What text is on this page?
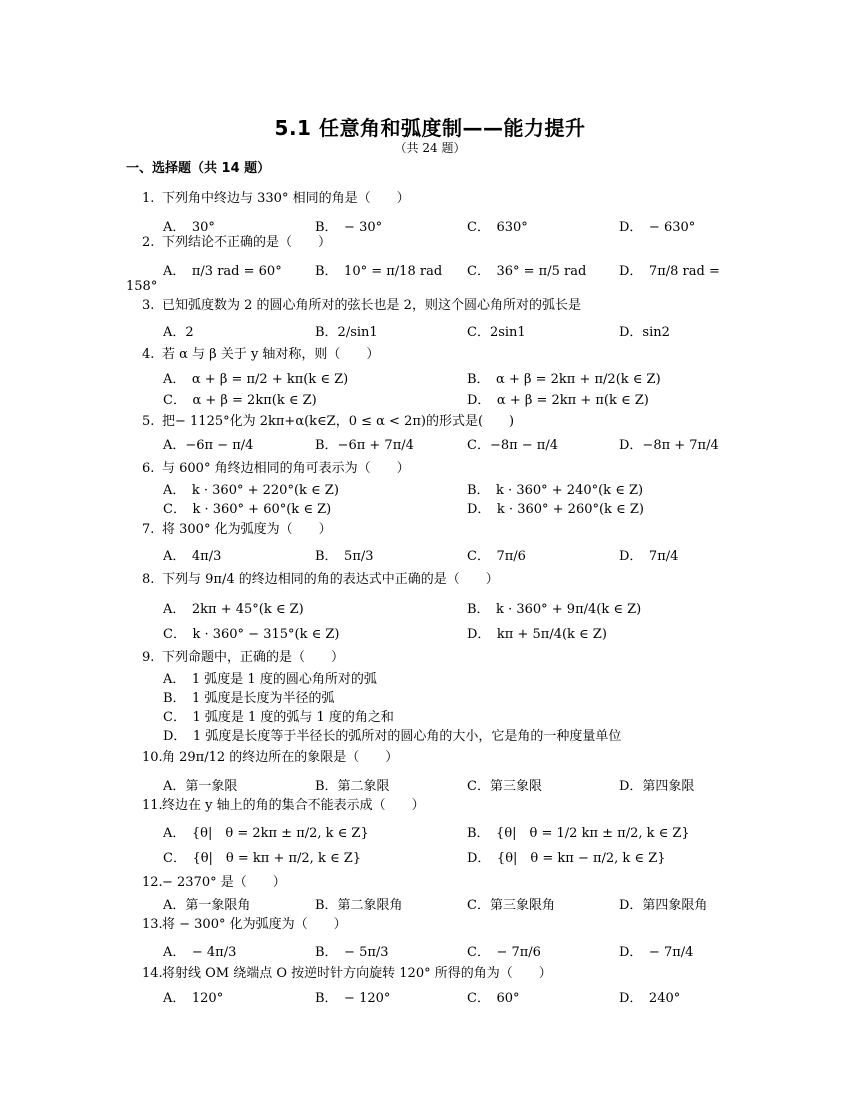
5.1 任意角和弧度制——能力提升
（共 24 题）
一、选择题（共 14 题）
1. 下列角中终边与 330° 相同的角是（　　）
A．　30°	B．　− 30°	C．　630°	D．　− 630°
2. 下列结论不正确的是（　　）
A．　π/3 rad = 60°	B．　10° = π/18 rad C．　36° = π/5 rad	D．　7π/8 rad =
158°
3. 已知弧度数为 2 的圆心角所对的弦长也是 2，则这个圆心角所对的弧长是
A．2	B．2/sin1	C．2sin1	D．sin2
4. 若 α 与 β 关于 y 轴对称，则（　　）
A．　α + β = π/2 + kπ(k ∈ Z)	B．　α + β = 2kπ + π/2(k ∈ Z)
C．　α + β = 2kπ(k ∈ Z)	D．　α + β = 2kπ + π(k ∈ Z)
5. 把− 1125°化为 2kπ+α(k∈Z，0 ≤ α < 2π)的形式是(　　)
A．−6π − π/4	B．−6π + 7π/4	C．−8π − π/4	D．−8π + 7π/4
6. 与 600° 角终边相同的角可表示为（　　）
A．　k · 360° + 220°(k ∈ Z)	B．　k · 360° + 240°(k ∈ Z)
C．　k · 360° + 60°(k ∈ Z)	D．　k · 360° + 260°(k ∈ Z)
7. 将 300° 化为弧度为（　　）
A．　4π/3	B．　5π/3	C．　7π/6	D．　7π/4
8. 下列与 9π/4 的终边相同的角的表达式中正确的是（　　）
A．　2kπ + 45°(k ∈ Z)	B．　k · 360° + 9π/4(k ∈ Z)
C．　k · 360° − 315°(k ∈ Z)	D．　kπ + 5π/4(k ∈ Z)
9. 下列命题中，正确的是（　　）
A．　1 弧度是 1 度的圆心角所对的弧
B．　1 弧度是长度为半径的弧
C．　1 弧度是 1 度的弧与 1 度的角之和
D．　1 弧度是长度等于半径长的弧所对的圆心角的大小，它是角的一种度量单位
10.角 29π/12 的终边所在的象限是（　　）
A．第一象限	B．第二象限	C．第三象限	D．第四象限
11.终边在 y 轴上的角的集合不能表示成（　　）
A．　{θ|　θ = 2kπ ± π/2, k ∈ Z}	B．　{θ|　θ = 1/2 kπ ± π/2, k ∈ Z}
C．　{θ|　θ = kπ + π/2, k ∈ Z}	D．　{θ|　θ = kπ − π/2, k ∈ Z}
12.− 2370° 是（　　）
A．第一象限角	B．第二象限角	C．第三象限角	D．第四象限角
13.将 − 300° 化为弧度为（　　）
A．　− 4π/3	B．　− 5π/3	C．　− 7π/6	D．　− 7π/4
14.将射线 OM 绕端点 O 按逆时针方向旋转 120° 所得的角为（　　）
A．　120°	B．　− 120°	C．　60°	D．　240°
